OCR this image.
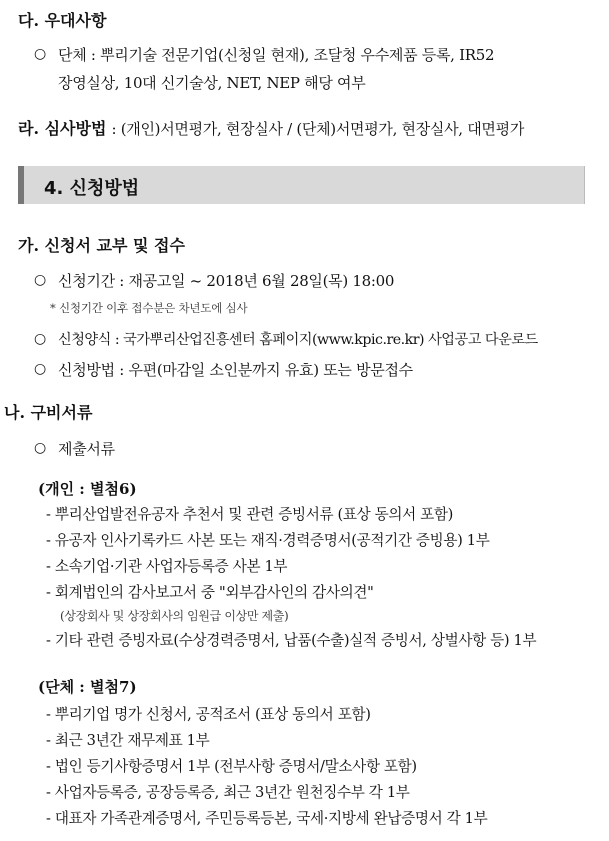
다. 우대사항
○ 단체 : 뿌리기술 전문기업(신청일 현재), 조달청 우수제품 등록, IR52
장영실상, 10대 신기술상, NET, NEP 해당 여부
라. 심사방법 : (개인)서면평가, 현장실사 / (단체)서면평가, 현장실사, 대면평가
4. 신청방법
가. 신청서 교부 및 접수
○ 신청기간 : 재공고일 ~ 2018년 6월 28일(목) 18:00
* 신청기간 이후 접수분은 차년도에 심사
○ 신청양식 : 국가뿌리산업진흥센터 홈페이지(www.kpic.re.kr) 사업공고 다운로드
○ 신청방법 : 우편(마감일 소인분까지 유효) 또는 방문접수
나. 구비서류
○ 제출서류
(개인 : 별첨6)
- 뿌리산업발전유공자 추천서 및 관련 증빙서류 (표상 동의서 포함)
- 유공자 인사기록카드 사본 또는 재직·경력증명서(공적기간 증빙용) 1부
- 소속기업·기관 사업자등록증 사본 1부
- 회계법인의 감사보고서 중 "외부감사인의 감사의견"
(상장회사 및 상장회사의 임원급 이상만 제출)
- 기타 관련 증빙자료(수상경력증명서, 납품(수출)실적 증빙서, 상벌사항 등) 1부
(단체 : 별첨7)
- 뿌리기업 명가 신청서, 공적조서 (표상 동의서 포함)
- 최근 3년간 재무제표 1부
- 법인 등기사항증명서 1부 (전부사항 증명서/말소사항 포함)
- 사업자등록증, 공장등록증, 최근 3년간 원천징수부 각 1부
- 대표자 가족관계증명서, 주민등록등본, 국세·지방세 완납증명서 각 1부
